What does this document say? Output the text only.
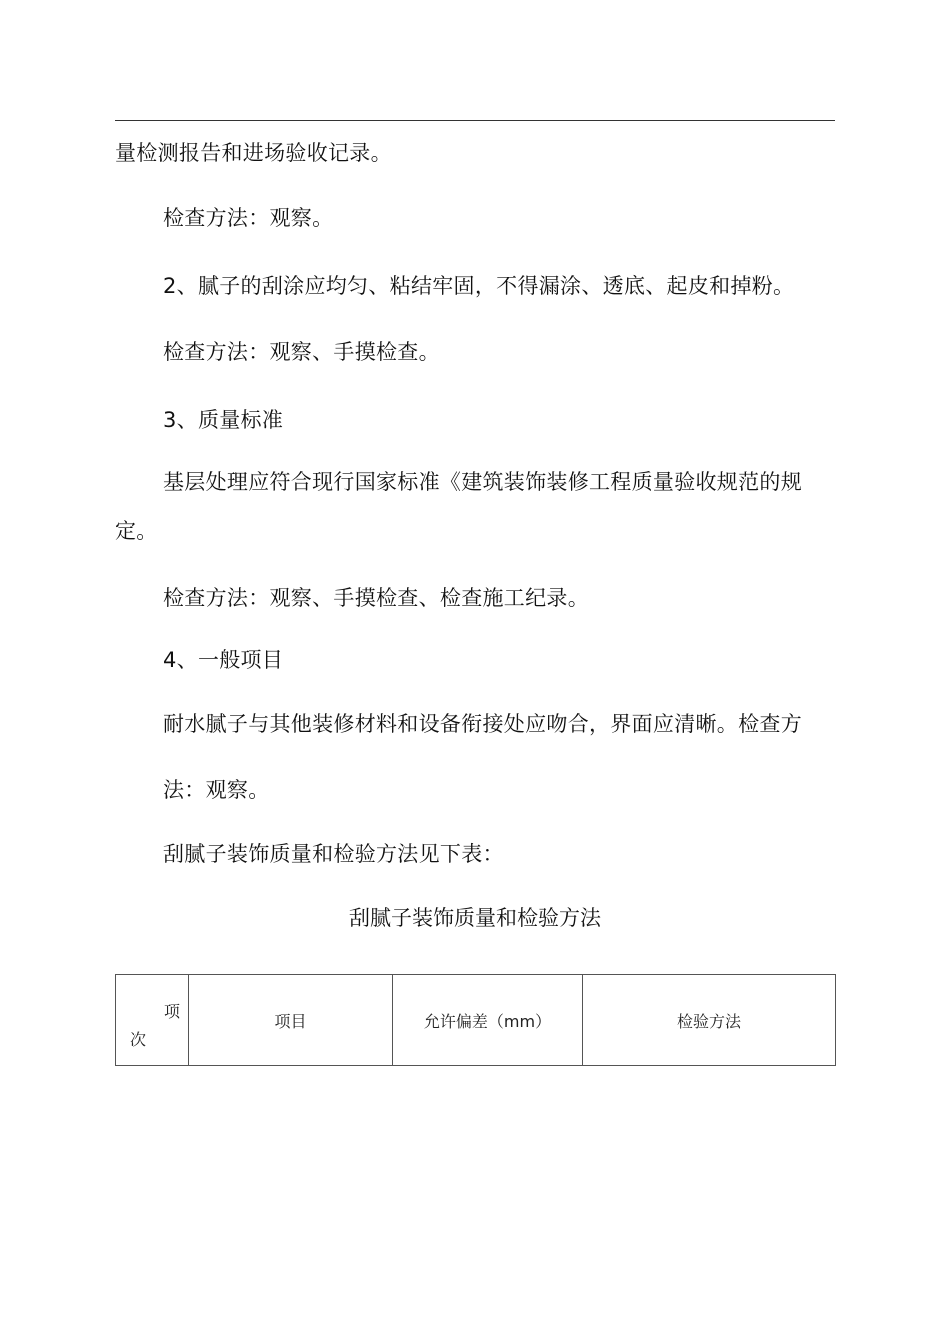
量检测报告和进场验收记录。
检查方法：观察。
2、腻子的刮涂应均匀、粘结牢固，不得漏涂、透底、起皮和掉粉。
检查方法：观察、手摸检查。
3、质量标准
基层处理应符合现行国家标准《建筑装饰装修工程质量验收规范的规
定。
检查方法：观察、手摸检查、检查施工纪录。
4、一般项目
耐水腻子与其他装修材料和设备衔接处应吻合，界面应清晰。检查方
法：观察。
刮腻子装饰质量和检验方法见下表：
刮腻子装饰质量和检验方法
项
次
	项目	允许偏差（mm）	检验方法
